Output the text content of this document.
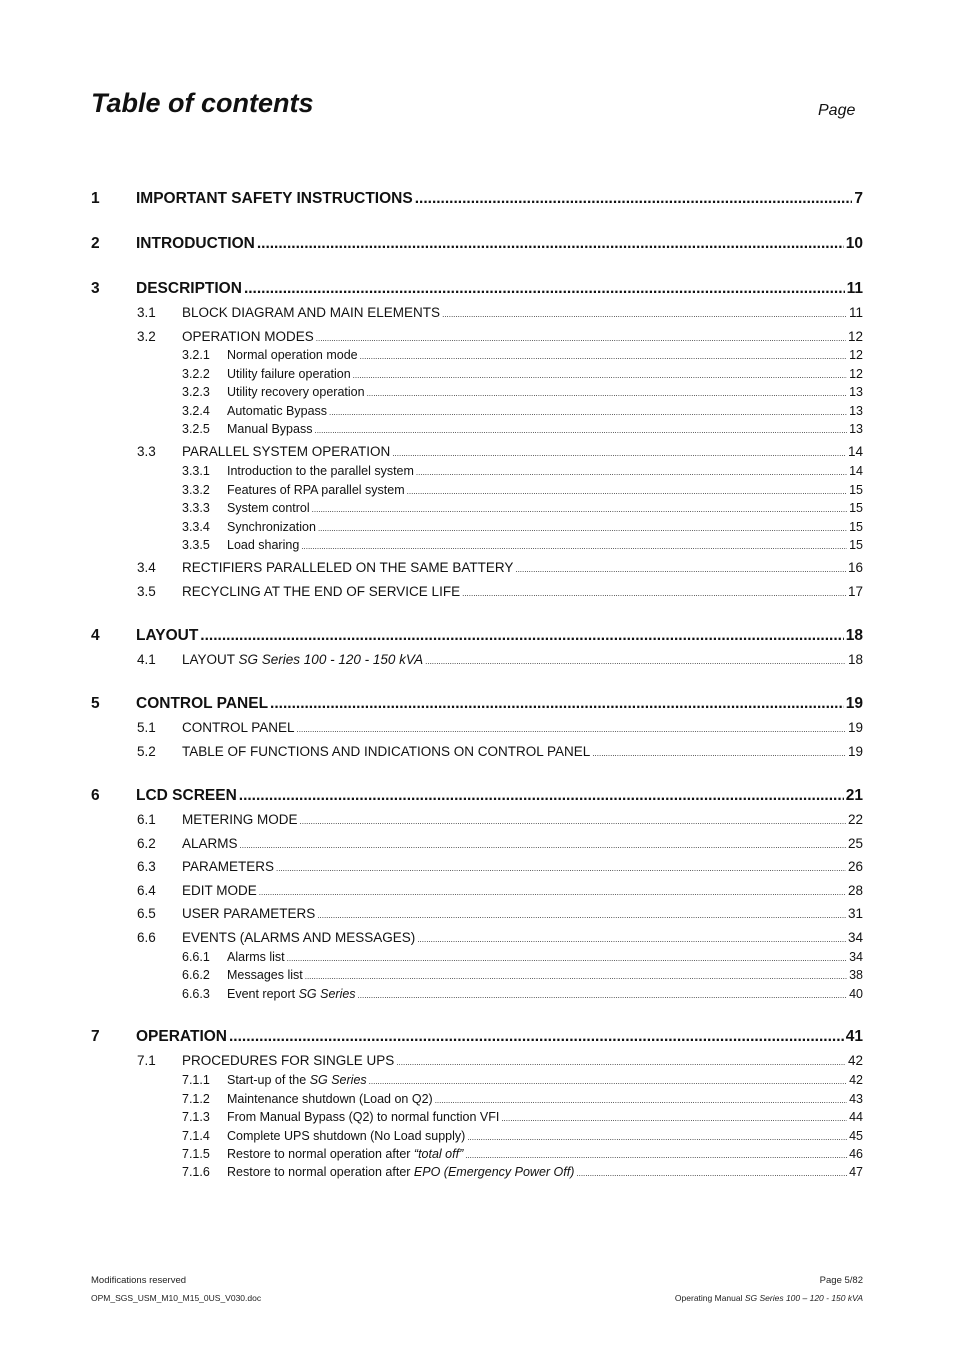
Table of contents	Page
1 IMPORTANT SAFETY INSTRUCTIONS .....	7
2 INTRODUCTION .....	10
3 DESCRIPTION .....	11
3.1 BLOCK DIAGRAM AND MAIN ELEMENTS .....	11
3.2 OPERATION MODES .....	12
3.2.1 Normal operation mode .....	12
3.2.2 Utility failure operation .....	12
3.2.3 Utility recovery operation .....	13
3.2.4 Automatic Bypass .....	13
3.2.5 Manual Bypass .....	13
3.3 PARALLEL SYSTEM OPERATION .....	14
3.3.1 Introduction to the parallel system .....	14
3.3.2 Features of RPA parallel system .....	15
3.3.3 System control .....	15
3.3.4 Synchronization .....	15
3.3.5 Load sharing .....	15
3.4 RECTIFIERS PARALLELED ON THE SAME BATTERY .....	16
3.5 RECYCLING AT THE END OF SERVICE LIFE .....	17
4 LAYOUT .....	18
4.1 LAYOUT SG Series 100 - 120 - 150 kVA .....	18
5 CONTROL PANEL .....	19
5.1 CONTROL PANEL .....	19
5.2 TABLE OF FUNCTIONS AND INDICATIONS ON CONTROL PANEL .....	19
6 LCD SCREEN .....	21
6.1 METERING MODE .....	22
6.2 ALARMS .....	25
6.3 PARAMETERS .....	26
6.4 EDIT MODE .....	28
6.5 USER PARAMETERS .....	31
6.6 EVENTS (ALARMS AND MESSAGES) .....	34
6.6.1 Alarms list .....	34
6.6.2 Messages list .....	38
6.6.3 Event report SG Series .....	40
7 OPERATION .....	41
7.1 PROCEDURES FOR SINGLE UPS .....	42
7.1.1 Start-up of the SG Series .....	42
7.1.2 Maintenance shutdown (Load on Q2) .....	43
7.1.3 From Manual Bypass (Q2) to normal function VFI .....	44
7.1.4 Complete UPS shutdown (No Load supply) .....	45
7.1.5 Restore to normal operation after “total off” .....	46
7.1.6 Restore to normal operation after EPO (Emergency Power Off) .....	47
Modifications reserved
OPM_SGS_USM_M10_M15_0US_V030.doc
Page 5/82
Operating Manual SG Series 100 – 120 - 150 kVA
